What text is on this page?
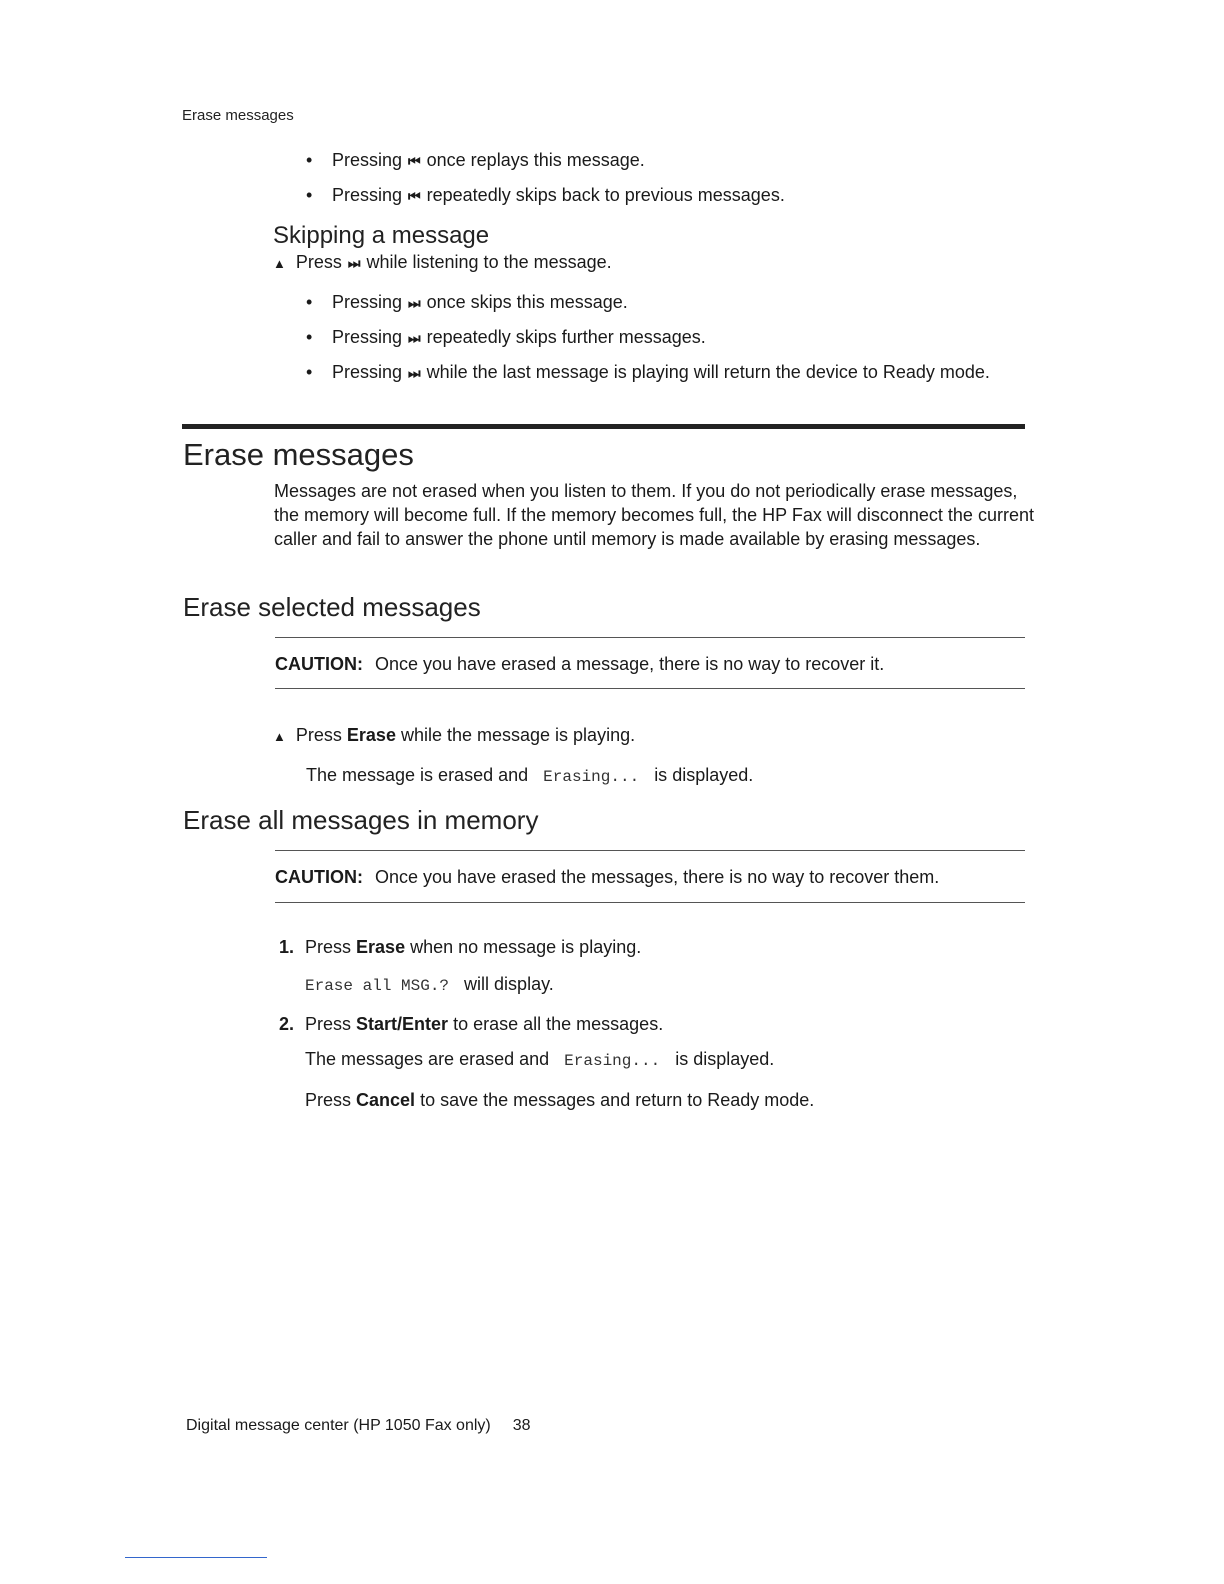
Erase messages
• Pressing ⏮ once replays this message.
• Pressing ⏮ repeatedly skips back to previous messages.
Skipping a message
▲ Press ⏭ while listening to the message.
• Pressing ⏭ once skips this message.
• Pressing ⏭ repeatedly skips further messages.
• Pressing ⏭ while the last message is playing will return the device to Ready mode.
Erase messages
Messages are not erased when you listen to them. If you do not periodically erase messages, the memory will become full. If the memory becomes full, the HP Fax will disconnect the current caller and fail to answer the phone until memory is made available by erasing messages.
Erase selected messages
CAUTION: Once you have erased a message, there is no way to recover it.
▲ Press Erase while the message is playing.
The message is erased and Erasing... is displayed.
Erase all messages in memory
CAUTION: Once you have erased the messages, there is no way to recover them.
1. Press Erase when no message is playing.
Erase all MSG.? will display.
2. Press Start/Enter to erase all the messages.
The messages are erased and Erasing... is displayed.
Press Cancel to save the messages and return to Ready mode.
Digital message center (HP 1050 Fax only) 38
